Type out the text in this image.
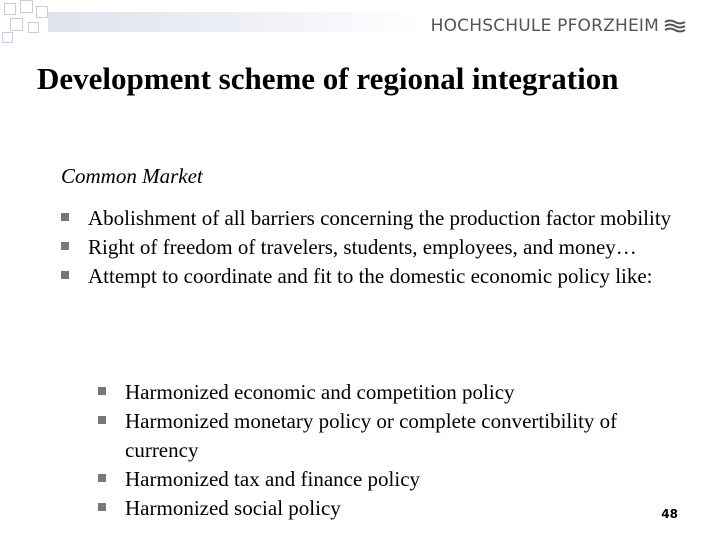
HOCHSCHULE PFORZHEIM
Development scheme of regional integration
Common Market
Abolishment of all barriers concerning the production factor mobility
Right of freedom of travelers, students, employees, and money…
Attempt to coordinate and fit to the domestic economic policy like:
Harmonized economic and competition policy
Harmonized monetary policy or complete convertibility of currency
Harmonized tax and finance policy
Harmonized social policy	48
